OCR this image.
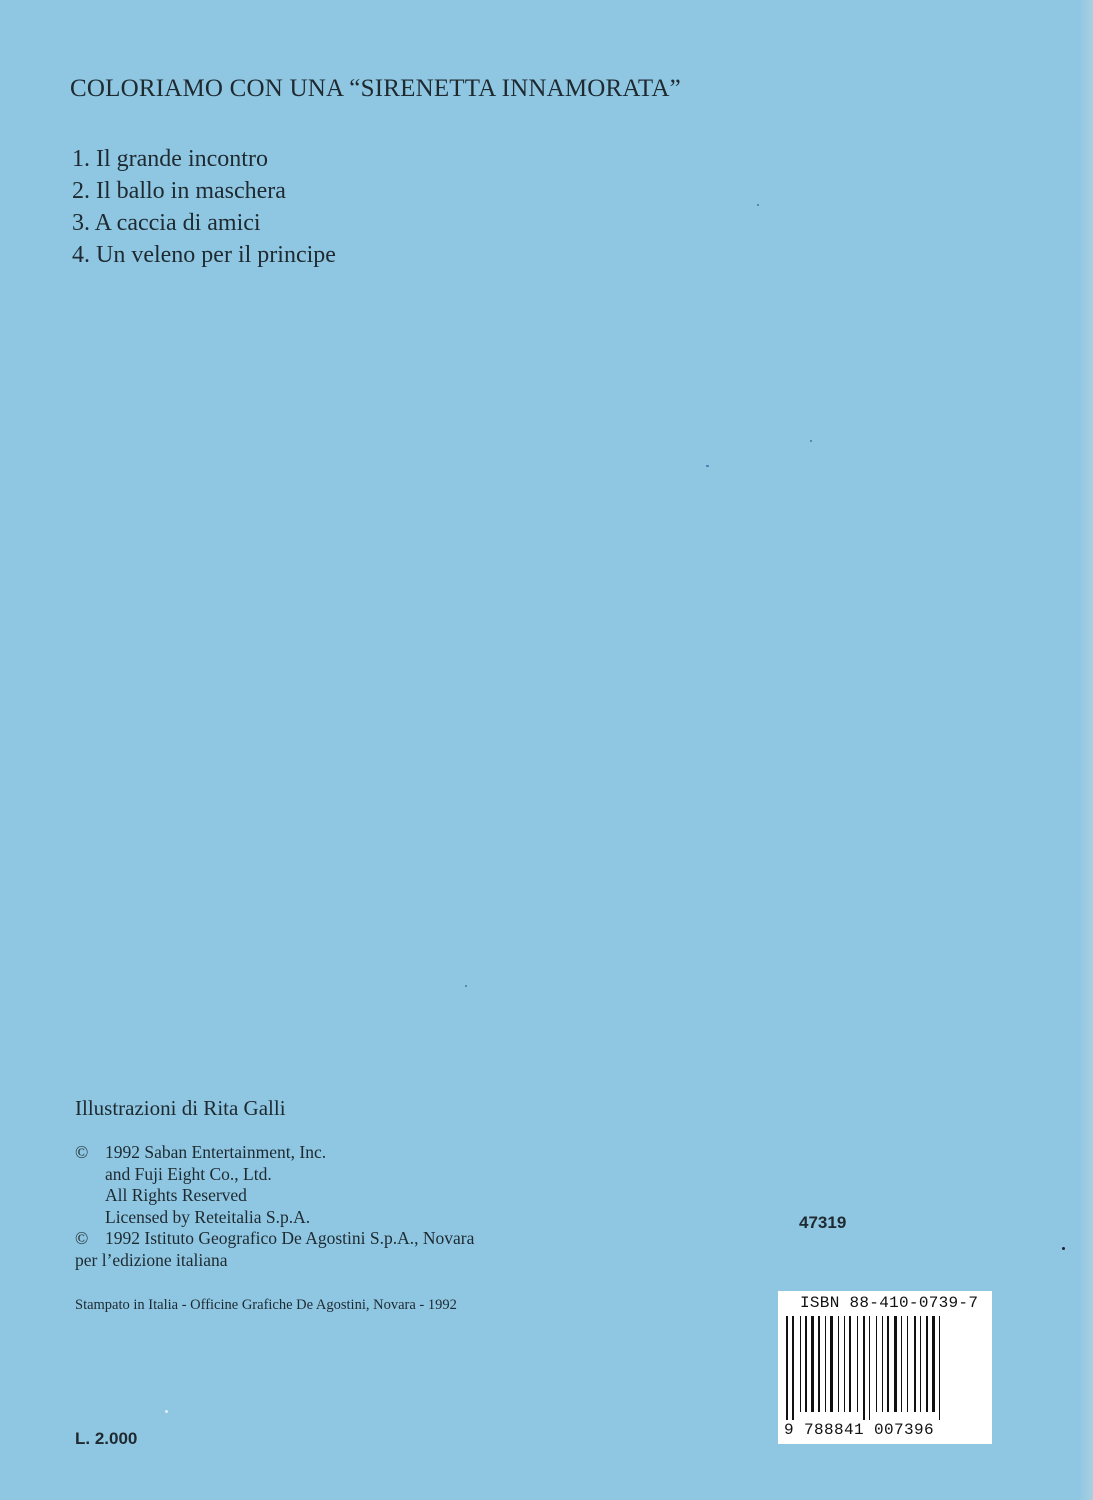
COLORIAMO CON UNA “SIRENETTA INNAMORATA”
1. Il grande incontro
2. Il ballo in maschera
3. A caccia di amici
4. Un veleno per il principe
Illustrazioni di Rita Galli
© 1992 Saban Entertainment, Inc.
and Fuji Eight Co., Ltd.
All Rights Reserved
Licensed by Reteitalia S.p.A.
© 1992 Istituto Geografico De Agostini S.p.A., Novara
per l’edizione italiana
Stampato in Italia - Officine Grafiche De Agostini, Novara - 1992
L. 2.000
47319
ISBN 88-410-0739-7
9 788841 007396
